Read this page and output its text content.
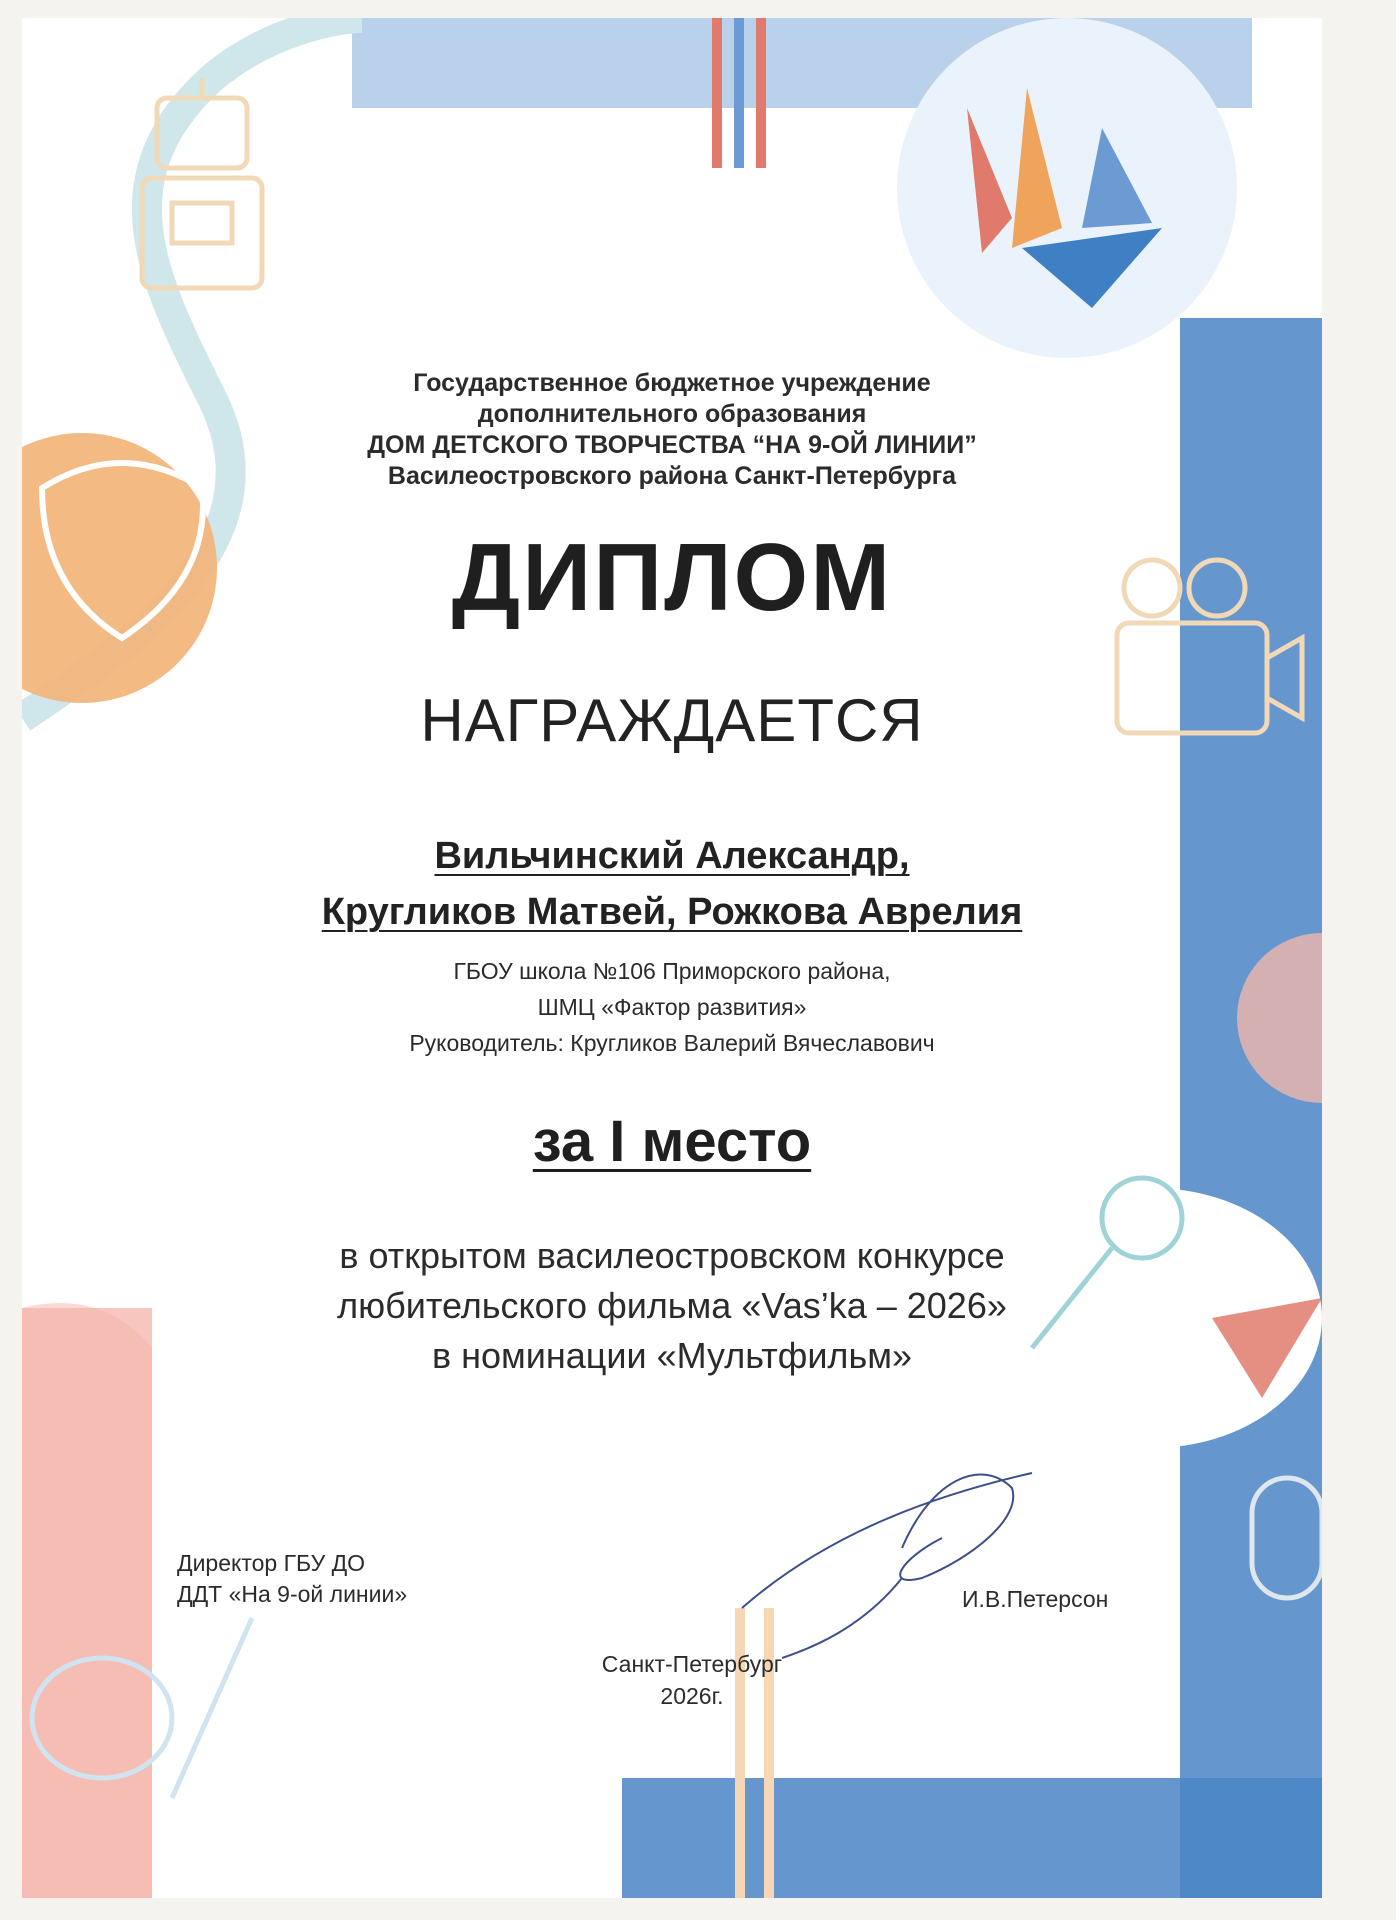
Государственное бюджетное учреждение
дополнительного образования
ДОМ ДЕТСКОГО ТВОРЧЕСТВА “НА 9-ОЙ ЛИНИИ”
Василеостровского района Санкт-Петербурга
ДИПЛОМ
НАГРАЖДАЕТСЯ
Вильчинский Александр,
Кругликов Матвей, Рожкова Аврелия
ГБОУ школа №106 Приморского района,
ШМЦ «Фактор развития»
Руководитель: Кругликов Валерий Вячеславович
за I место
в открытом василеостровском конкурсе
любительского фильма «Vas’ka – 2026»
в номинации «Мультфильм»
Директор ГБУ ДО
ДДТ «На 9-ой линии»	И.В.Петерсон
Санкт-Петербург
2026г.
